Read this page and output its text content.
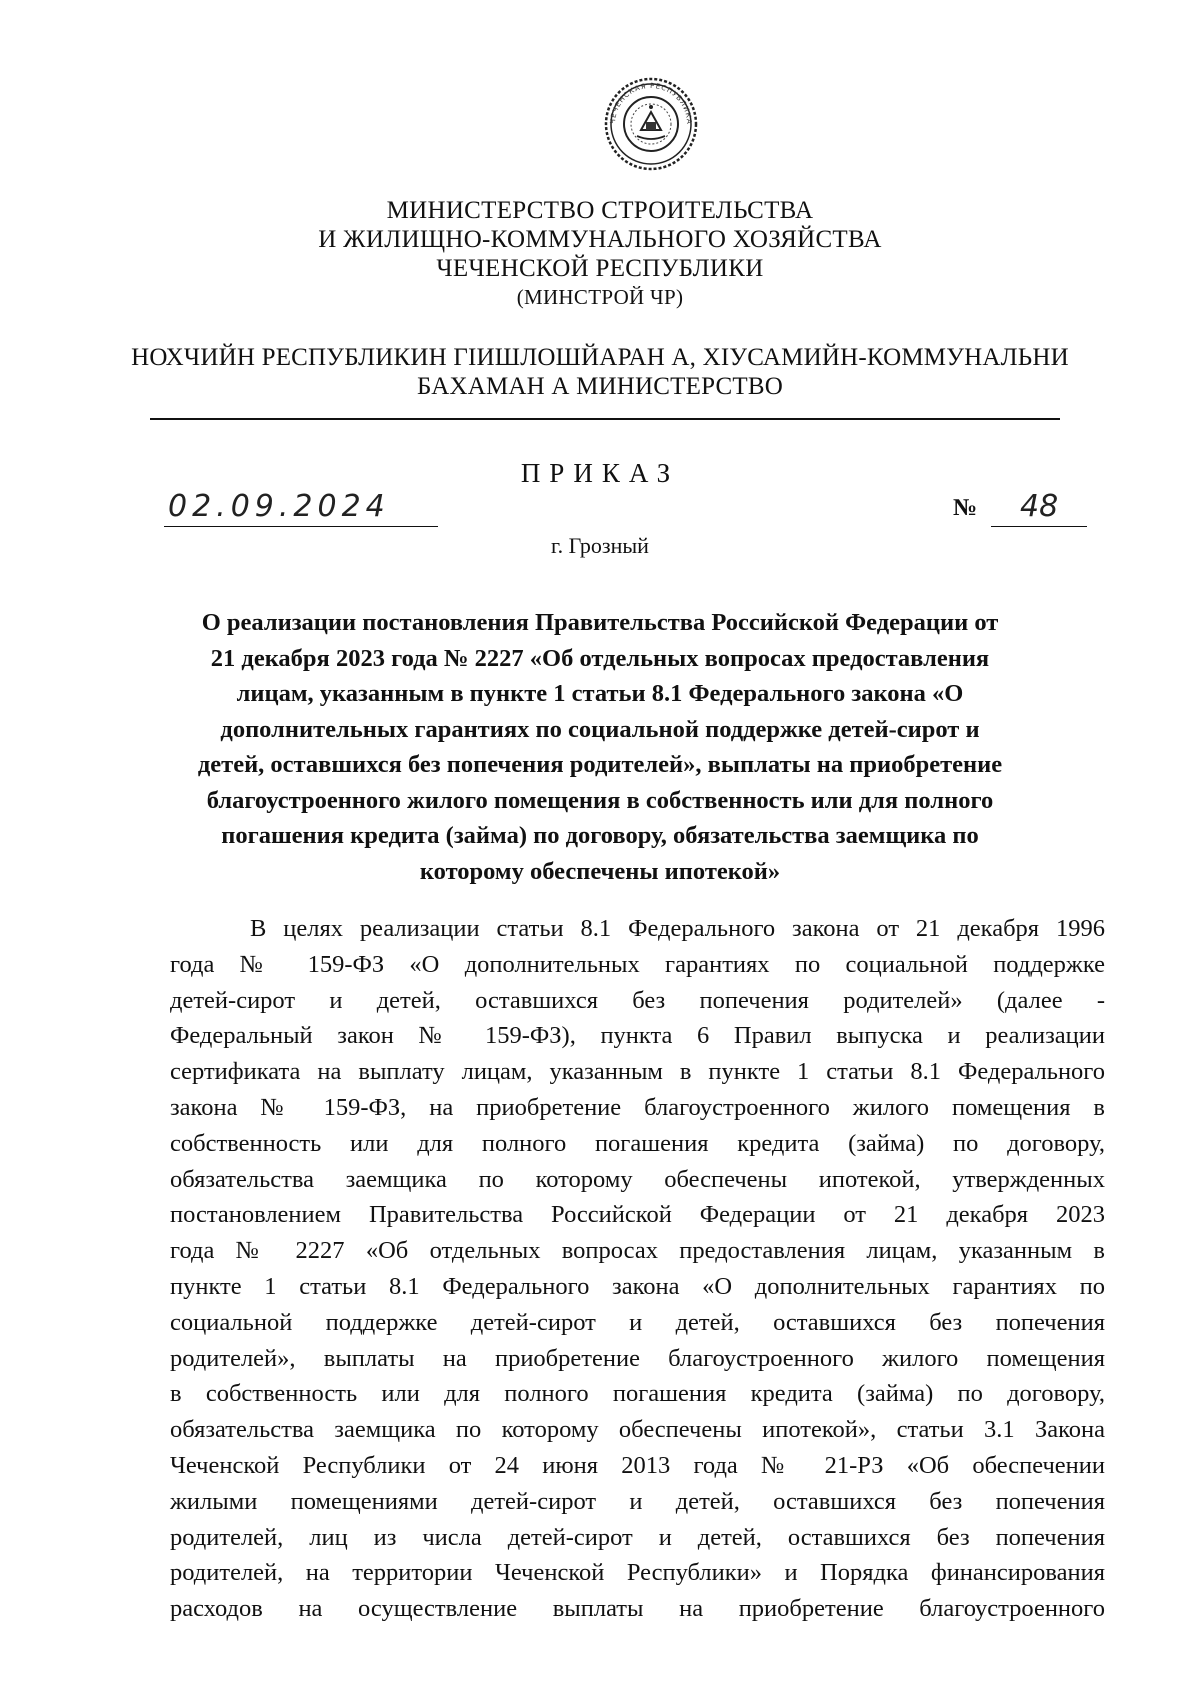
ЧЕЧЕНСКАЯ РЕСПУБЛИКА
МИНИСТЕРСТВО СТРОИТЕЛЬСТВА
И ЖИЛИЩНО-КОММУНАЛЬНОГО ХОЗЯЙСТВА
ЧЕЧЕНСКОЙ РЕСПУБЛИКИ
(МИНСТРОЙ ЧР)
НОХЧИЙН РЕСПУБЛИКИН ГІИШЛОШЙАРАН А, ХІУСАМИЙН-КОММУНАЛЬНИ
БАХАМАН А МИНИСТЕРСТВО
ПРИКАЗ
02.09.2024	№ 48
г. Грозный
О реализации постановления Правительства Российской Федерации от
21 декабря 2023 года № 2227 «Об отдельных вопросах предоставления
лицам, указанным в пункте 1 статьи 8.1 Федерального закона «О
дополнительных гарантиях по социальной поддержке детей-сирот и
детей, оставшихся без попечения родителей», выплаты на приобретение
благоустроенного жилого помещения в собственность или для полного
погашения кредита (займа) по договору, обязательства заемщика по
которому обеспечены ипотекой»
В целях реализации статьи 8.1 Федерального закона от 21 декабря 1996
года № 159-ФЗ «О дополнительных гарантиях по социальной поддержке
детей-сирот и детей, оставшихся без попечения родителей» (далее -
Федеральный закон № 159-ФЗ), пункта 6 Правил выпуска и реализации
сертификата на выплату лицам, указанным в пункте 1 статьи 8.1 Федерального
закона № 159-ФЗ, на приобретение благоустроенного жилого помещения в
собственность или для полного погашения кредита (займа) по договору,
обязательства заемщика по которому обеспечены ипотекой, утвержденных
постановлением Правительства Российской Федерации от 21 декабря 2023
года № 2227 «Об отдельных вопросах предоставления лицам, указанным в
пункте 1 статьи 8.1 Федерального закона «О дополнительных гарантиях по
социальной поддержке детей-сирот и детей, оставшихся без попечения
родителей», выплаты на приобретение благоустроенного жилого помещения
в собственность или для полного погашения кредита (займа) по договору,
обязательства заемщика по которому обеспечены ипотекой», статьи 3.1 Закона
Чеченской Республики от 24 июня 2013 года № 21-РЗ «Об обеспечении
жилыми помещениями детей-сирот и детей, оставшихся без попечения
родителей, лиц из числа детей-сирот и детей, оставшихся без попечения
родителей, на территории Чеченской Республики» и Порядка финансирования
расходов на осуществление выплаты на приобретение благоустроенного
